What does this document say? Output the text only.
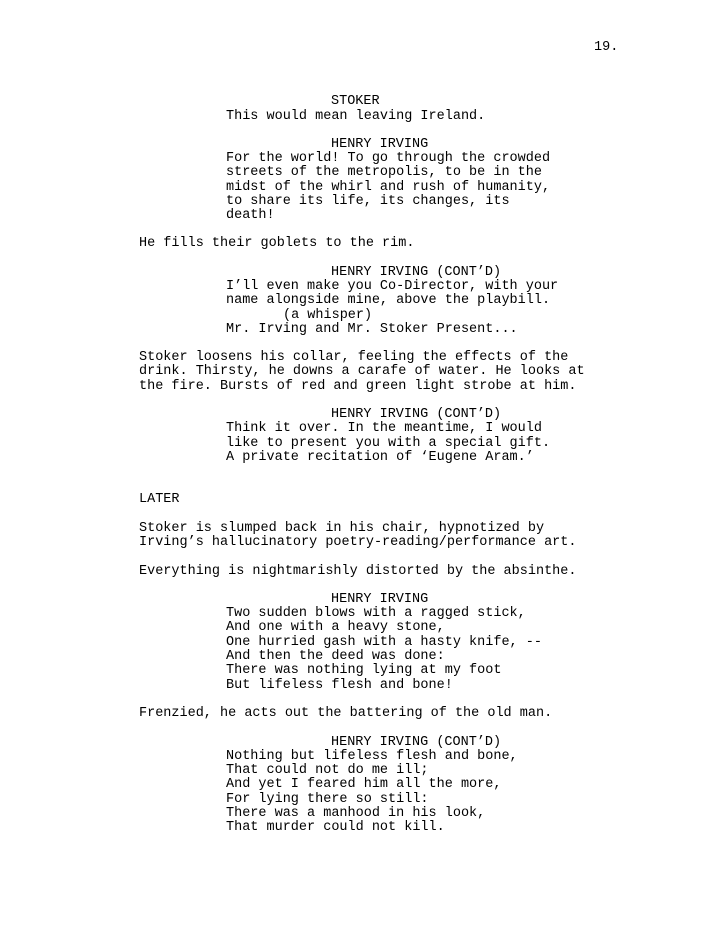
19.
STOKER
This would mean leaving Ireland.
HENRY IRVING
For the world! To go through the crowded
streets of the metropolis, to be in the
midst of the whirl and rush of humanity,
to share its life, its changes, its
death!
He fills their goblets to the rim.
HENRY IRVING (CONT’D)
I’ll even make you Co-Director, with your
name alongside mine, above the playbill.
(a whisper)
Mr. Irving and Mr. Stoker Present...
Stoker loosens his collar, feeling the effects of the
drink. Thirsty, he downs a carafe of water. He looks at
the fire. Bursts of red and green light strobe at him.
HENRY IRVING (CONT’D)
Think it over. In the meantime, I would
like to present you with a special gift.
A private recitation of ‘Eugene Aram.’
LATER
Stoker is slumped back in his chair, hypnotized by
Irving’s hallucinatory poetry-reading/performance art.
Everything is nightmarishly distorted by the absinthe.
HENRY IRVING
Two sudden blows with a ragged stick,
And one with a heavy stone,
One hurried gash with a hasty knife, --
And then the deed was done:
There was nothing lying at my foot
But lifeless flesh and bone!
Frenzied, he acts out the battering of the old man.
HENRY IRVING (CONT’D)
Nothing but lifeless flesh and bone,
That could not do me ill;
And yet I feared him all the more,
For lying there so still:
There was a manhood in his look,
That murder could not kill.
